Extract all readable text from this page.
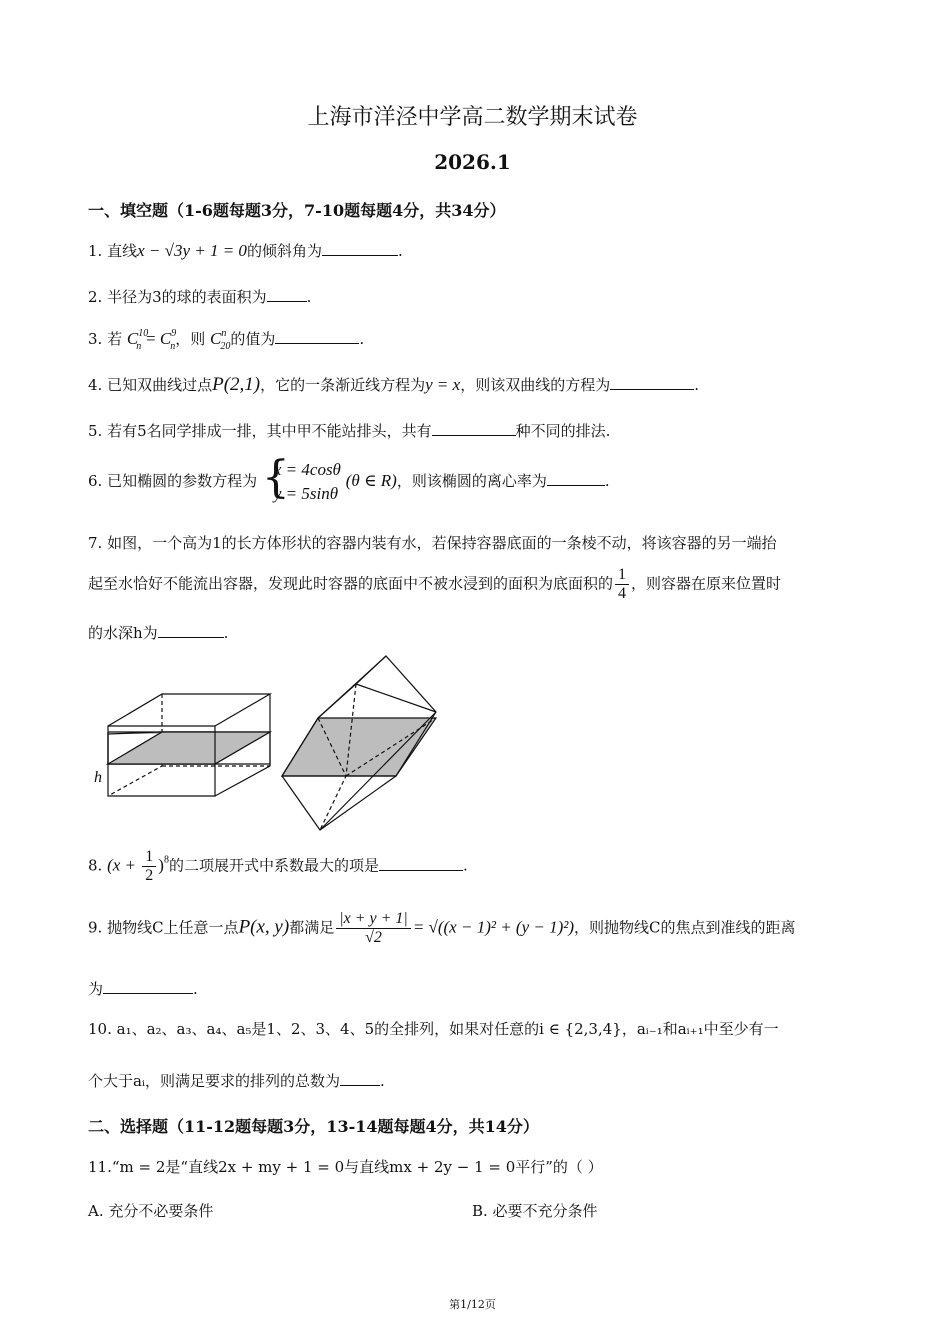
上海市洋泾中学高二数学期末试卷
2026.1
一、填空题（1-6题每题3分，7-10题每题4分，共34分）
1. 直线x − √3y + 1 = 0的倾斜角为	.
2. 半径为3的球的表面积为	.
3. 若 $C^{10}_n = C^9_n$，则 $C^n_{20}$的值为	.
4. 已知双曲线过点P(2,1)，它的一条渐近线方程为y = x，则该双曲线的方程为	.
5. 若有5名同学排成一排，其中甲不能站排头，共有	种不同的排法.
6. 已知椭圆的参数方程为 {
x = 4cosθ
y = 5sinθ
(θ ∈ R)，则该椭圆的离心率为	.
7. 如图，一个高为1的长方体形状的容器内装有水，若保持容器底面的一条棱不动，将该容器的另一端抬
起至水恰好不能流出容器，发现此时容器的底面中不被水浸到的面积为底面积的 $\frac{1}{4}$ ，则容器在原来位置时
的水深h为	.
h
8. $(x + \frac{1}{2} )^8$的二项展开式中系数最大的项是	.
9. 抛物线C上任意一点P(x, y)都满足 $\frac{|x + y + 1|}{√2} = √((x - 1)^2 + (y - 1)^2)$，则抛物线C的焦点到准线的距离
为	.
10. a₁、a₂、a₃、a₄、a₅是1、2、3、4、5的全排列，如果对任意的i ∈ {2,3,4}，aᵢ₋₁和aᵢ₊₁中至少有一
个大于aᵢ，则满足要求的排列的总数为	.
二、选择题（11-12题每题3分，13-14题每题4分，共14分）
11.“m = 2是“直线2x + my + 1 = 0与直线mx + 2y − 1 = 0平行”的（ ）
A. 充分不必要条件	B. 必要不充分条件
第1/12页
